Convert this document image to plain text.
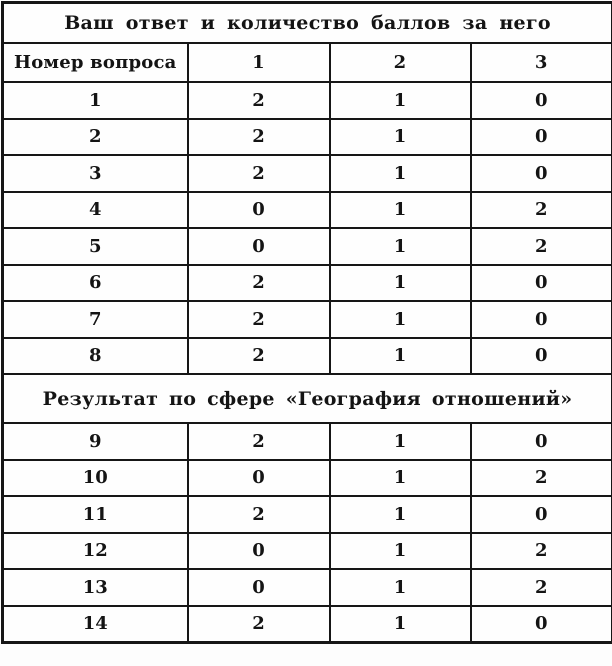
Ваш ответ и количество баллов за него			
Номер вопроса	1	2	3
1	2	1	0
2	2	1	0
3	2	1	0
4	0	1	2
5	0	1	2
6	2	1	0
7	2	1	0
8	2	1	0
Результат по сфере «География отношений»			
9	2	1	0
10	0	1	2
11	2	1	0
12	0	1	2
13	0	1	2
14	2	1	0
